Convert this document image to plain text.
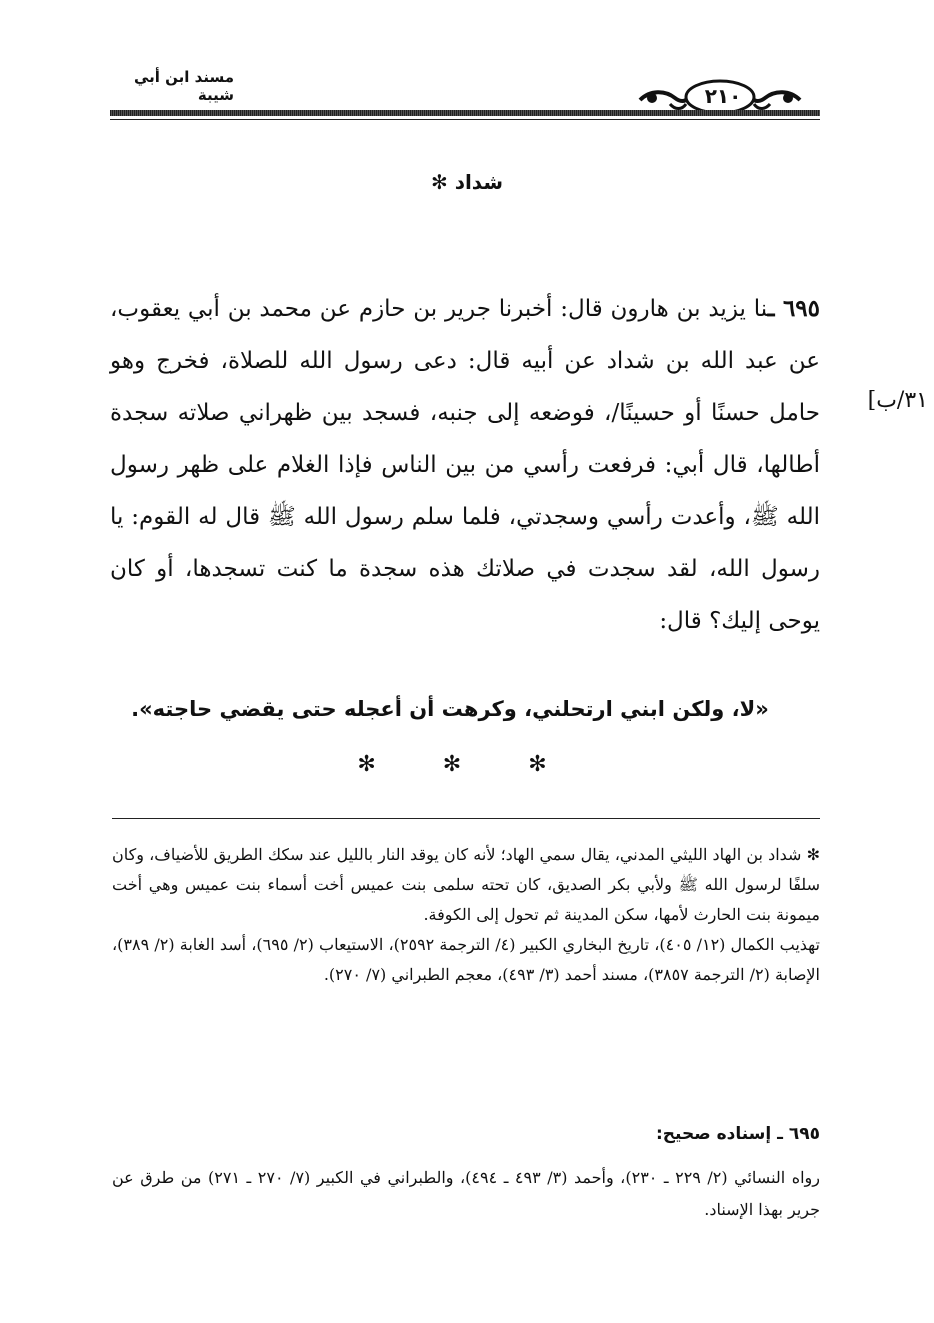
مسند ابن أبي شيبة	٢١٠
شداد ✻
٦٩٥ ـنا يزيد بن هارون قال: أخبرنا جرير بن حازم عن محمد بن أبي يعقوب، عن عبد الله بن شداد عن أبيه قال: دعى رسول الله للصلاة، فخرج وهو حامل حسنًا أو حسينًا/، فوضعه إلى جنبه، فسجد بين ظهراني صلاته سجدة أطالها، قال أبي: فرفعت رأسي من بين الناس فإذا الغلام على ظهر رسول الله ﷺ، وأعدت رأسي وسجدتي، فلما سلم رسول الله ﷺ قال له القوم: يا رسول الله، لقد سجدت في صلاتك هذه سجدة ما كنت تسجدها، أو كان يوحى إليك؟ قال:
٣١/ب]
«لا، ولكن ابني ارتحلني، وكرهت أن أعجله حتى يقضي حاجته».
✻ ✻ ✻

✻ شداد بن الهاد الليثي المدني، يقال سمي الهاد؛ لأنه كان يوقد النار بالليل عند سكك الطريق للأضياف، وكان سلفًا لرسول الله ﷺ ولأبي بكر الصديق، كان تحته سلمى بنت عميس أخت أسماء بنت عميس وهي أخت ميمونة بنت الحارث لأمها، سكن المدينة ثم تحول إلى الكوفة.

تهذيب الكمال (١٢/ ٤٠٥)، تاريخ البخاري الكبير (٤/ الترجمة ٢٥٩٢)، الاستيعاب (٢/ ٦٩٥)، أسد الغابة (٢/ ٣٨٩)، الإصابة (٢/ الترجمة ٣٨٥٧)، مسند أحمد (٣/ ٤٩٣)، معجم الطبراني (٧/ ٢٧٠).

٦٩٥ ـ إسناده صحيح:
رواه النسائي (٢/ ٢٢٩ ـ ٢٣٠)، وأحمد (٣/ ٤٩٣ ـ ٤٩٤)، والطبراني في الكبير (٧/ ٢٧٠ ـ ٢٧١) من طرق عن جرير بهذا الإسناد.
